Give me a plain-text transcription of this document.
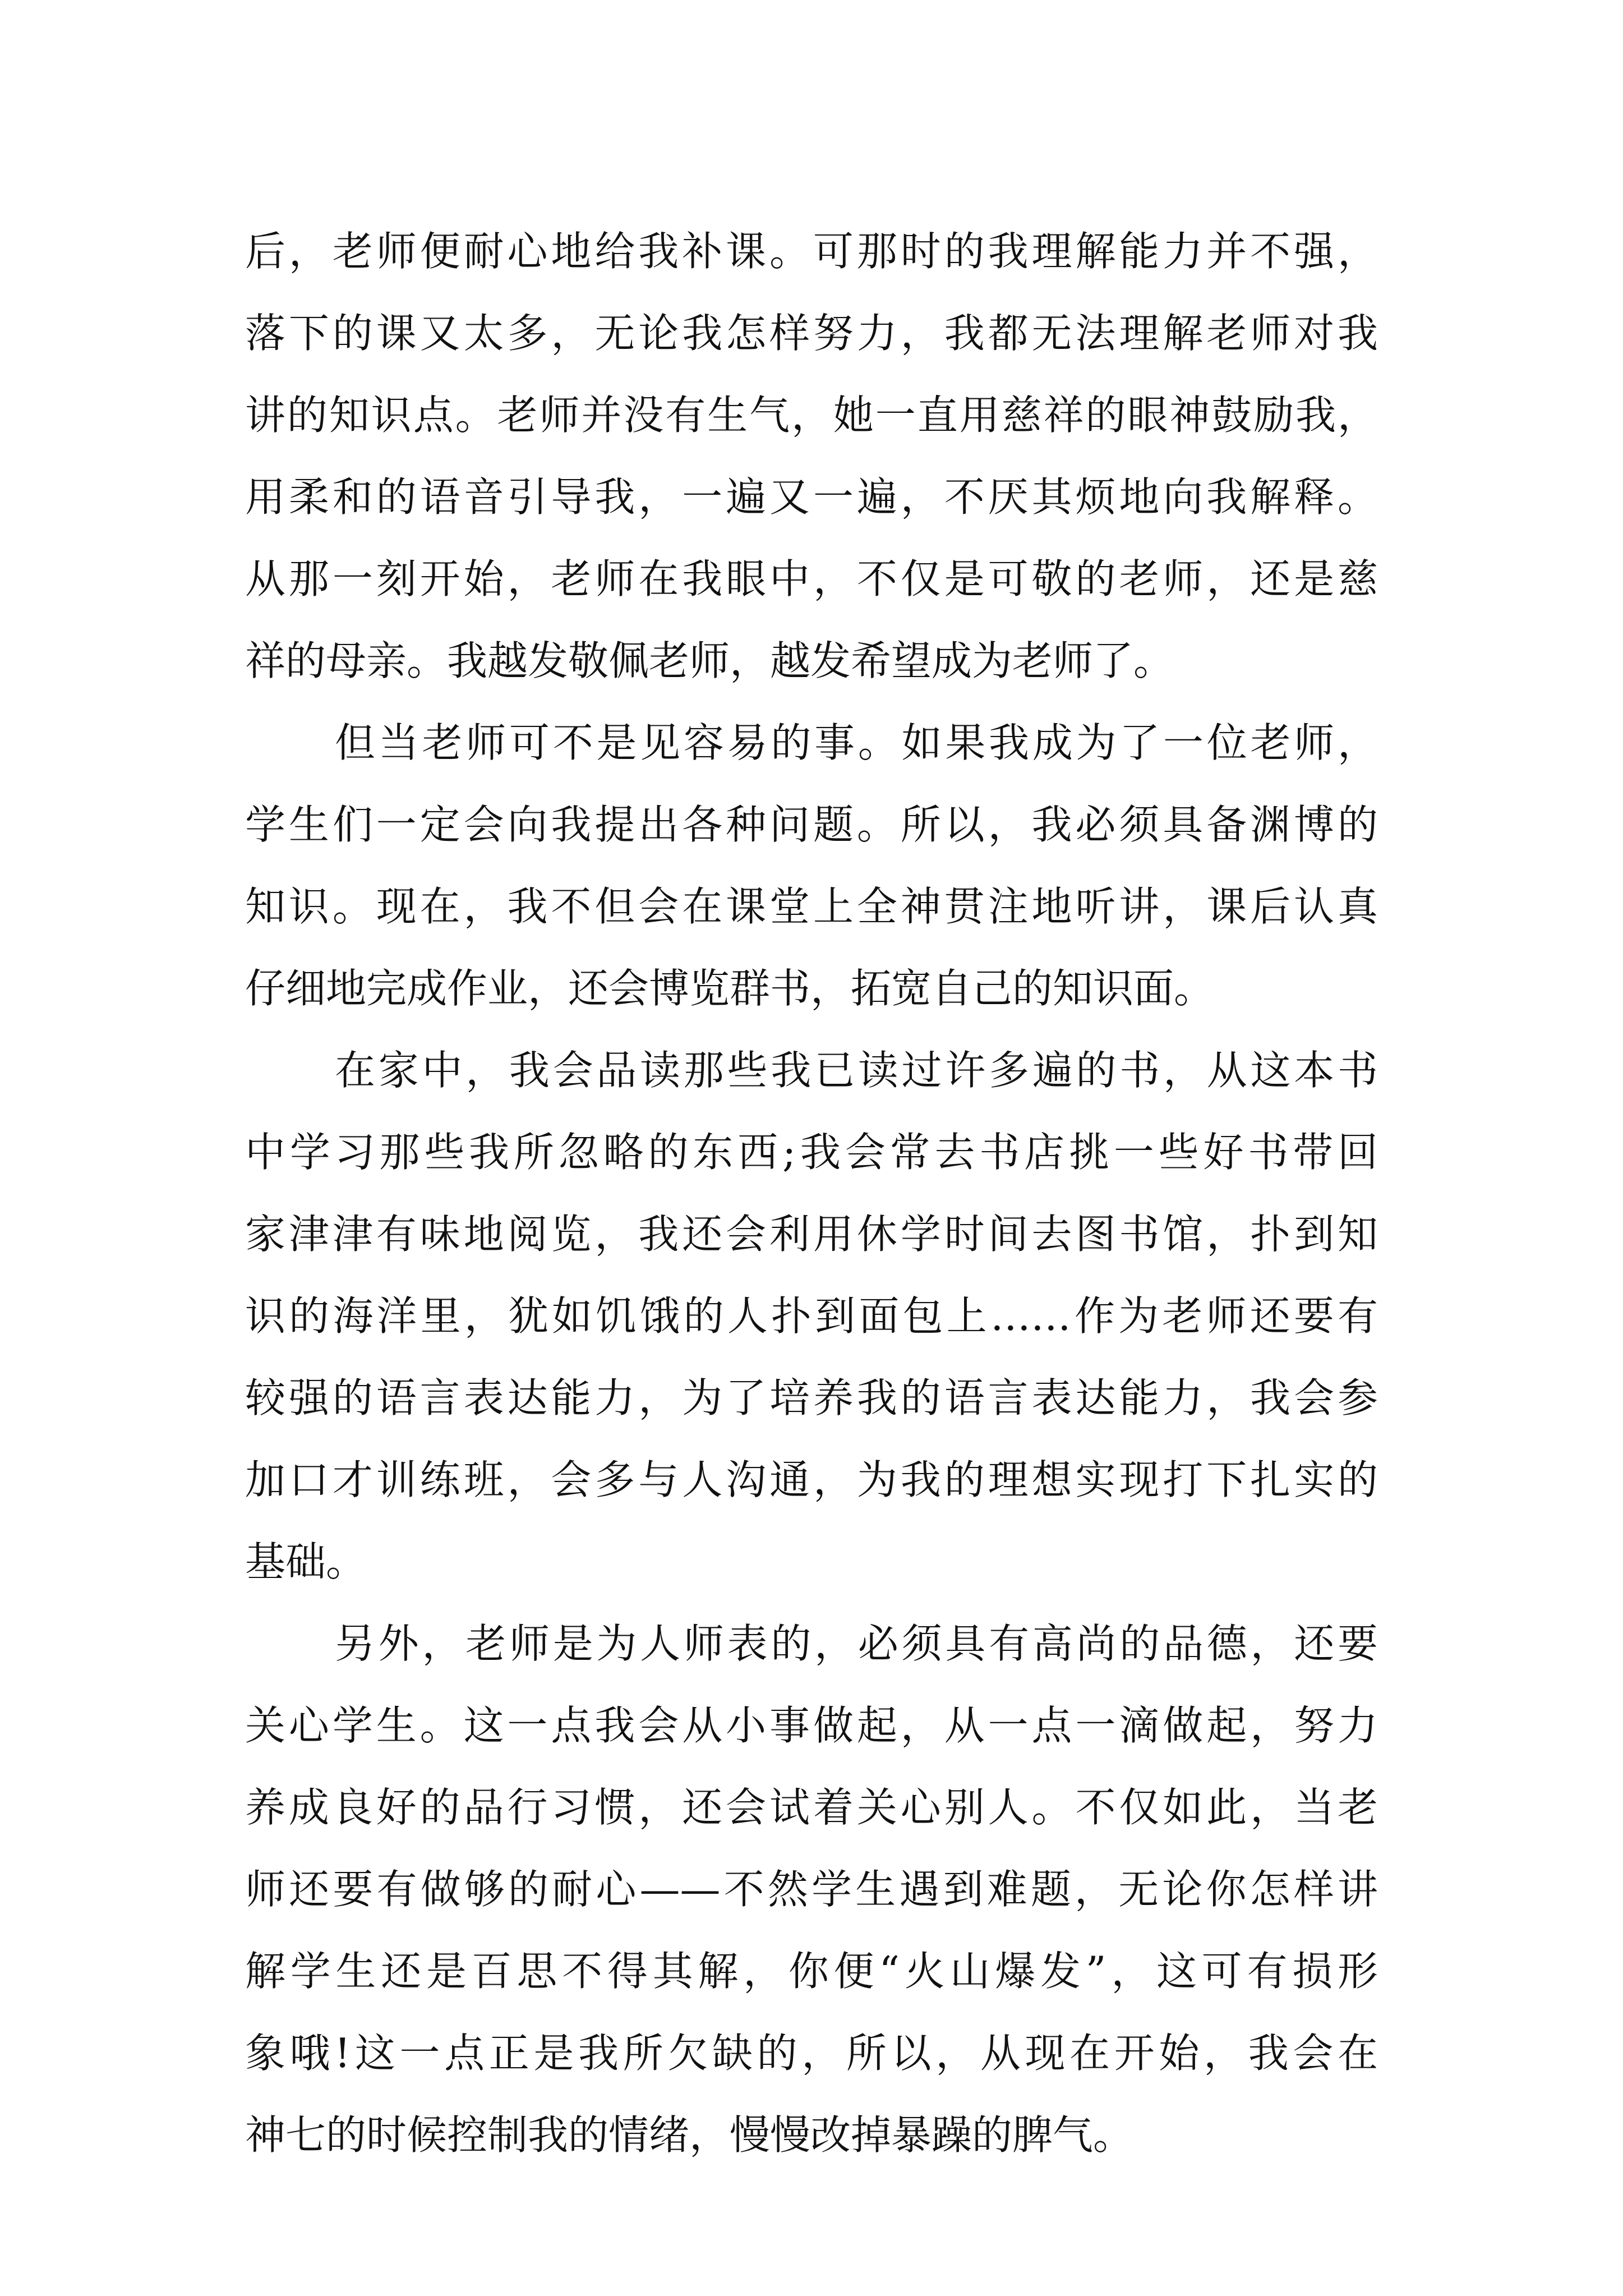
后，老师便耐心地给我补课。可那时的我理解能力并不强，
落下的课又太多，无论我怎样努力，我都无法理解老师对我
讲的知识点。老师并没有生气，她一直用慈祥的眼神鼓励我，
用柔和的语音引导我，一遍又一遍，不厌其烦地向我解释。
从那一刻开始，老师在我眼中，不仅是可敬的老师，还是慈
祥的母亲。我越发敬佩老师，越发希望成为老师了。
但当老师可不是见容易的事。如果我成为了一位老师，
学生们一定会向我提出各种问题。所以，我必须具备渊博的
知识。现在，我不但会在课堂上全神贯注地听讲，课后认真
仔细地完成作业，还会博览群书，拓宽自己的知识面。
在家中，我会品读那些我已读过许多遍的书，从这本书
中学习那些我所忽略的东西;我会常去书店挑一些好书带回
家津津有味地阅览，我还会利用休学时间去图书馆，扑到知
识的海洋里，犹如饥饿的人扑到面包上……作为老师还要有
较强的语言表达能力，为了培养我的语言表达能力，我会参
加口才训练班，会多与人沟通，为我的理想实现打下扎实的
基础。
另外，老师是为人师表的，必须具有高尚的品德，还要
关心学生。这一点我会从小事做起，从一点一滴做起，努力
养成良好的品行习惯，还会试着关心别人。不仅如此，当老
师还要有做够的耐心——不然学生遇到难题，无论你怎样讲
解学生还是百思不得其解，你便“火山爆发”，这可有损形
象哦!这一点正是我所欠缺的，所以，从现在开始，我会在
神七的时候控制我的情绪，慢慢改掉暴躁的脾气。
